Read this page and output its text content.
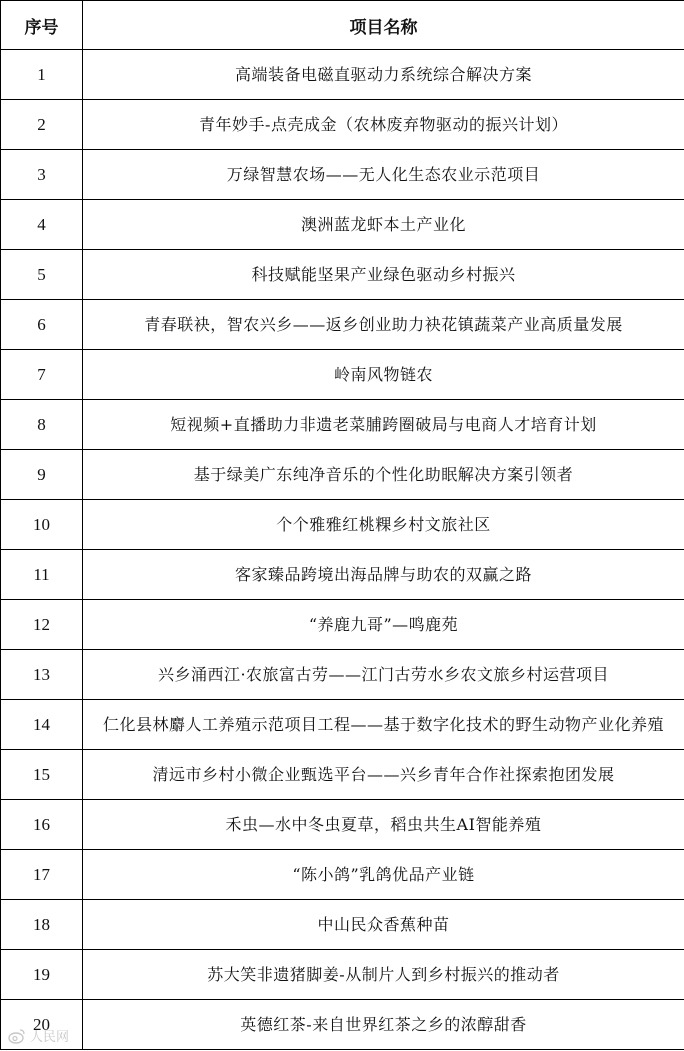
序号	项目名称
1	高端装备电磁直驱动力系统综合解决方案
2	青年妙手-点壳成金（农林废弃物驱动的振兴计划）
3	万绿智慧农场——无人化生态农业示范项目
4	澳洲蓝龙虾本土产业化
5	科技赋能坚果产业绿色驱动乡村振兴
6	青春联袂，智农兴乡——返乡创业助力袂花镇蔬菜产业高质量发展
7	岭南风物链农
8	短视频+直播助力非遗老菜脯跨圈破局与电商人才培育计划
9	基于绿美广东纯净音乐的个性化助眠解决方案引领者
10	个个雅雅红桃粿乡村文旅社区
11	客家臻品跨境出海品牌与助农的双赢之路
12	“养鹿九哥”—鸣鹿苑
13	兴乡涌西江·农旅富古劳——江门古劳水乡农文旅乡村运营项目
14	仁化县林麝人工养殖示范项目工程——基于数字化技术的野生动物产业化养殖
15	清远市乡村小微企业甄选平台——兴乡青年合作社探索抱团发展
16	禾虫—水中冬虫夏草，稻虫共生AI智能养殖
17	“陈小鸽”乳鸽优品产业链
18	中山民众香蕉种苗
19	苏大笑非遗猪脚姜-从制片人到乡村振兴的推动者
20	英德红茶-来自世界红茶之乡的浓醇甜香
人民网
